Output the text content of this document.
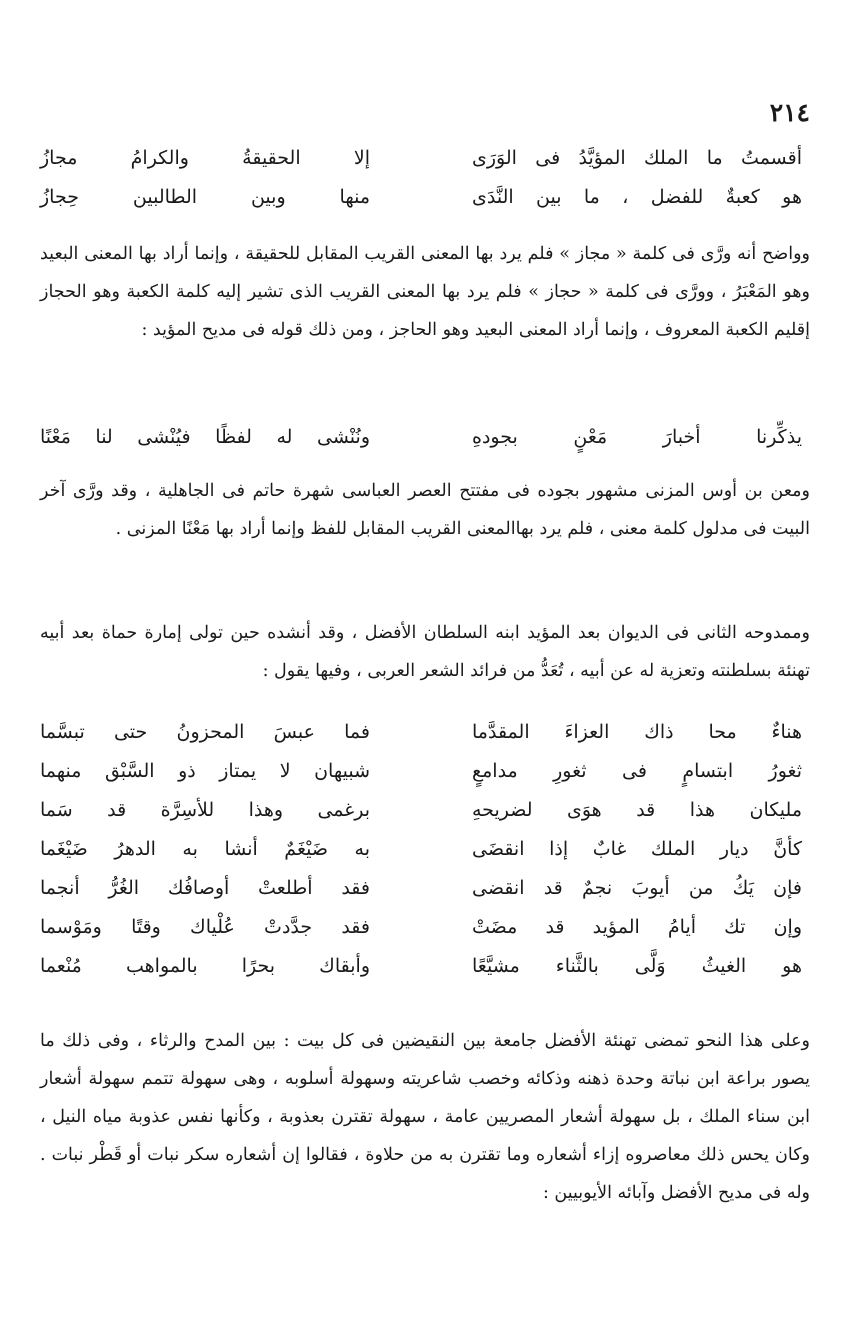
٢١٤
أقسمتُ ما الملك المؤيَّدُ فى الوَرَى
إلا الحقيقةُ والكرامُ مجازُ
هو كعبةٌ للفضل ، ما بين النَّدَى
منها وبين الطالبين حِجازُ

وواضح أنه ورَّى فى كلمة « مجاز » فلم يرد بها المعنى القريب المقابل للحقيقة ، وإنما أراد بها المعنى البعيد وهو المَعْبَرُ ، وورَّى فى كلمة « حجاز » فلم يرد بها المعنى القريب الذى تشير إليه كلمة الكعبة وهو الحجاز إقليم الكعبة المعروف ، وإنما أراد المعنى البعيد وهو الحاجز ، ومن ذلك قوله فى مديح المؤيد :

يذكِّرنا أخبارَ مَعْنٍ بجودهِ
ونُنْشى له لفظًا فيُنْشى لنا مَعْنًا

ومعن بن أوس المزنى مشهور بجوده فى مفتتح العصر العباسى شهرة حاتم فى الجاهلية ، وقد ورَّى آخر البيت فى مدلول كلمة معنى ، فلم يرد بهاالمعنى القريب المقابل للفظ وإنما أراد بها مَعْنًا المزنى .

وممدوحه الثانى فى الديوان بعد المؤيد ابنه السلطان الأفضل ، وقد أنشده حين تولى إمارة حماة بعد أبيه تهنئة بسلطنته وتعزية له عن أبيه ، تُعَدُّ من فرائد الشعر العربى ، وفيها يقول :

هناءٌ محا ذاك العزاءَ المقدَّما
فما عبسَ المحزونُ حتى تبسَّما
ثغورُ ابتسامٍ فى ثغورِ مدامعٍ
شبيهان لا يمتاز ذو السَّبْق منهما
مليكان هذا قد هوَى لضريحهِ
برغمى وهذا للأسِرَّة قد سَما
كأنَّ ديار الملك غابٌ إذا انقضَى
به ضَيْغَمٌ أنشا به الدهرُ ضَيْغَما
فإن يَكُ من أيوبَ نجمٌ قد انقضى
فقد أطلعتْ أوصافُك الغُرُّ أنجما
وإن تك أيامُ المؤيد قد مضَتْ
فقد جدَّدتْ عُلْياك وقتًا ومَوْسما
هو الغيثُ وَلَّى بالثَّناء مشيَّعًا
وأبقاك بحرًا بالمواهب مُنْعما

وعلى هذا النحو تمضى تهنئة الأفضل جامعة بين النقيضين فى كل بيت : بين المدح والرثاء ، وفى ذلك ما يصور براعة ابن نباتة وحدة ذهنه وذكائه وخصب شاعريته وسهولة أسلوبه ، وهى سهولة تتمم سهولة أشعار ابن سناء الملك ، بل سهولة أشعار المصريين عامة ، سهولة تقترن بعذوبة ، وكأنها نفس عذوبة مياه النيل ، وكان يحس ذلك معاصروه إزاء أشعاره وما تقترن به من حلاوة ، فقالوا إن أشعاره سكر نبات أو قَطْر نبات . وله فى مديح الأفضل وآبائه الأيوبيين :
